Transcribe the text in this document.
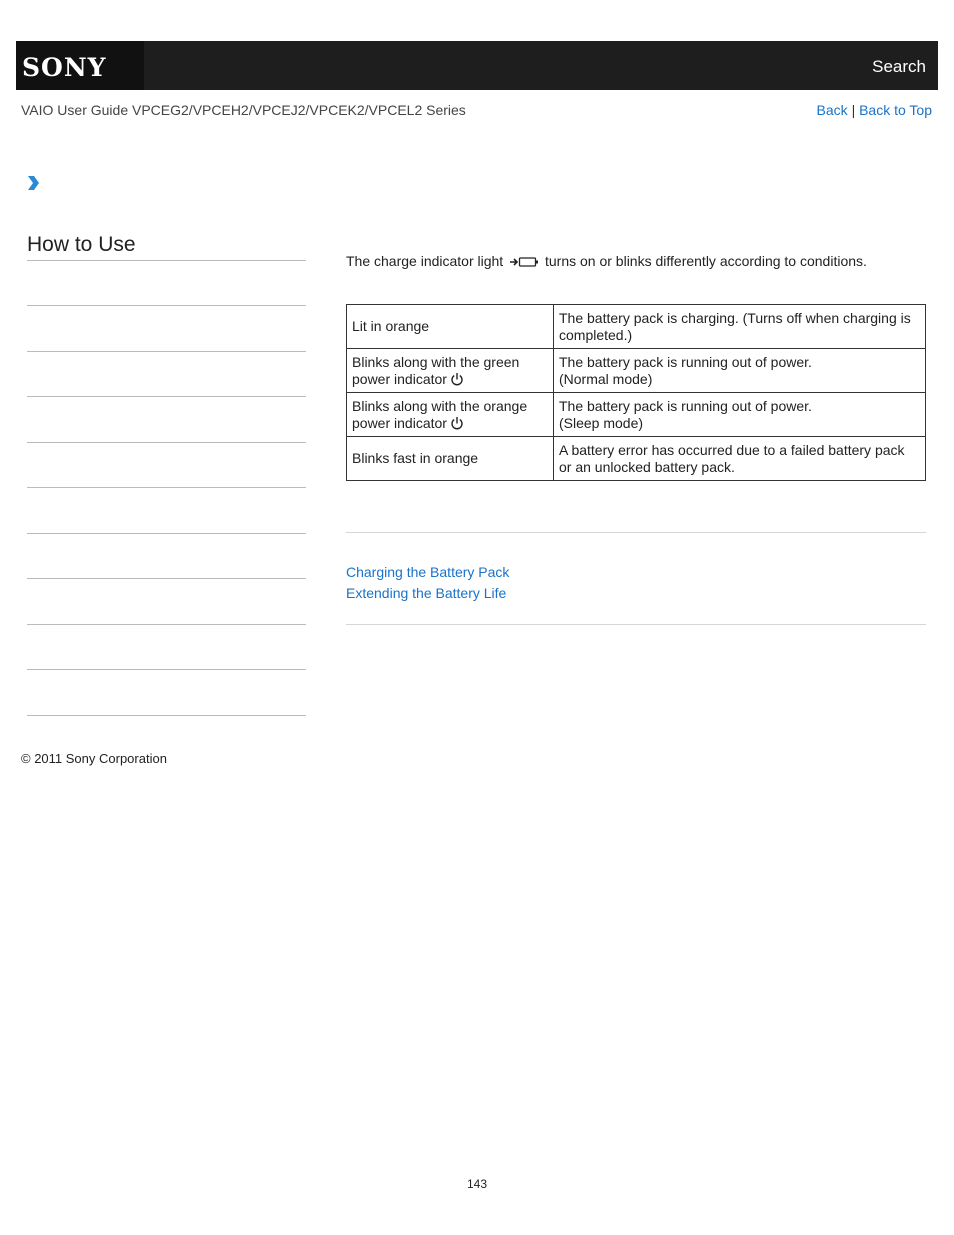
SONY	Search
VAIO User Guide VPCEG2/VPCEH2/VPCEJ2/VPCEK2/VPCEL2 Series	Back | Back to Top
How to Use
The charge indicator light	turns on or blinks differently according to conditions.
Lit in orange	The battery pack is charging. (Turns off when charging is completed.)
Blinks along with the green power indicator	The battery pack is running out of power.
(Normal mode)
Blinks along with the orange power indicator	The battery pack is running out of power.
(Sleep mode)
Blinks fast in orange	A battery error has occurred due to a failed battery pack or an unlocked battery pack.
Charging the Battery Pack
Extending the Battery Life
© 2011 Sony Corporation
143
